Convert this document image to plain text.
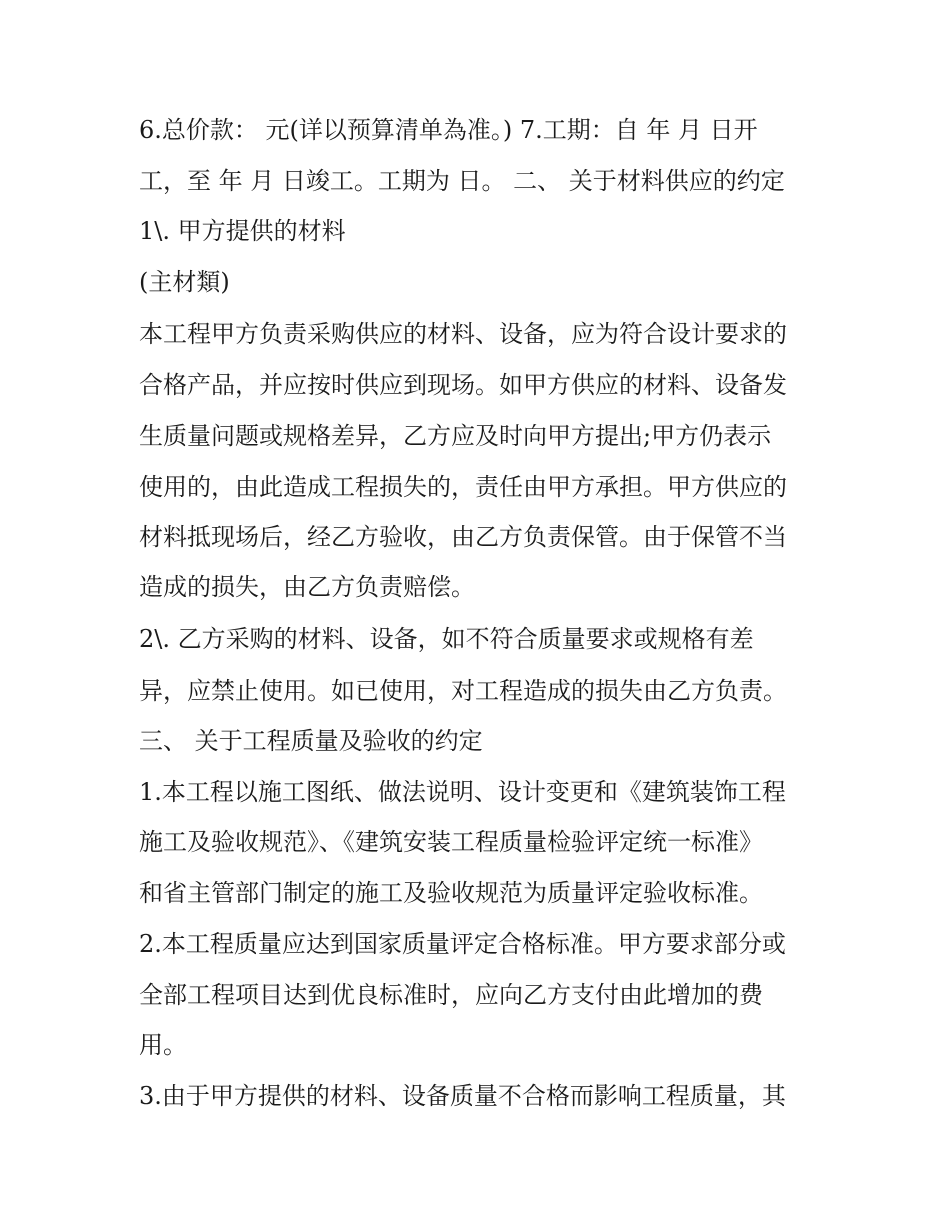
6.总价款： 元(详以预算清单為准。) 7.工期：自 年 月 日开
工，至 年 月 日竣工。工期为 日。 二、 关于材料供应的约定
1\. 甲方提供的材料
(主材類)
本工程甲方负责采购供应的材料、设备，应为符合设计要求的
合格产品，并应按时供应到现场。如甲方供应的材料、设备发
生质量问题或规格差异，乙方应及时向甲方提出;甲方仍表示
使用的，由此造成工程损失的，责任由甲方承担。甲方供应的
材料抵现场后，经乙方验收，由乙方负责保管。由于保管不当
造成的损失，由乙方负责赔偿。
2\. 乙方采购的材料、设备，如不符合质量要求或规格有差
异，应禁止使用。如已使用，对工程造成的损失由乙方负责。
三、 关于工程质量及验收的约定
1.本工程以施工图纸、做法说明、设计变更和《建筑装饰工程
施工及验收规范》、《建筑安装工程质量检验评定统一标准》
和省主管部门制定的施工及验收规范为质量评定验收标准。
2.本工程质量应达到国家质量评定合格标准。甲方要求部分或
全部工程项目达到优良标准时，应向乙方支付由此增加的费
用。
3.由于甲方提供的材料、设备质量不合格而影响工程质量，其
